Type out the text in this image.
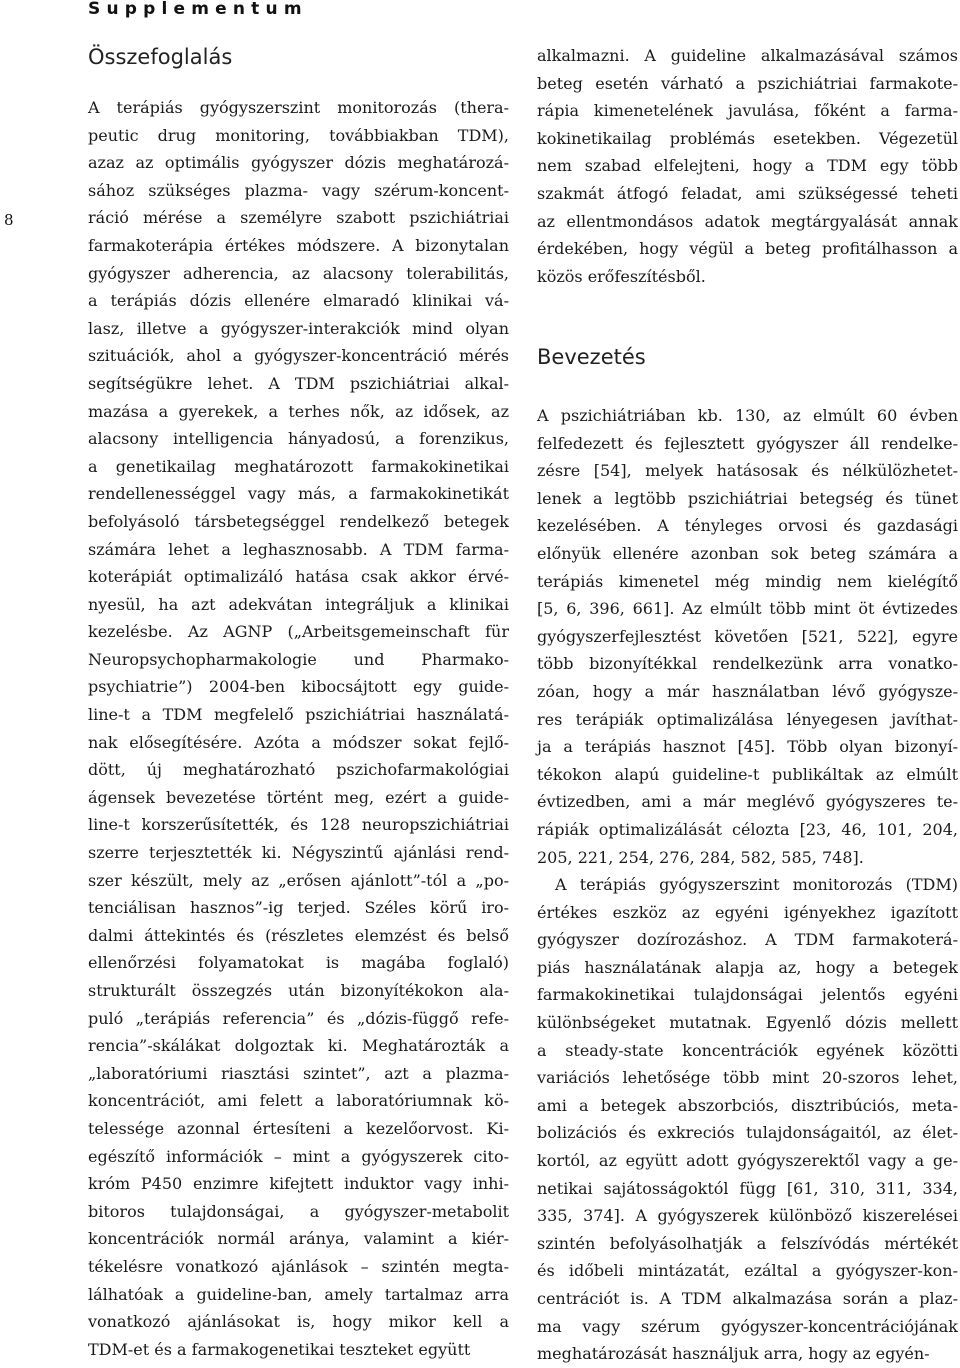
Supplementum
8
Összefoglalás
A terápiás gyógyszerszint monitorozás (thera-
peutic drug monitoring, továbbiakban TDM),
azaz az optimális gyógyszer dózis meghatározá-
sához szükséges plazma- vagy szérum-koncent-
ráció mérése a személyre szabott pszichiátriai
farmakoterápia értékes módszere. A bizonytalan
gyógyszer adherencia, az alacsony tolerabilitás,
a terápiás dózis ellenére elmaradó klinikai vá-
lasz, illetve a gyógyszer-interakciók mind olyan
szituációk, ahol a gyógyszer-koncentráció mérés
segítségükre lehet. A TDM pszichiátriai alkal-
mazása a gyerekek, a terhes nők, az idősek, az
alacsony intelligencia hányadosú, a forenzikus,
a genetikailag meghatározott farmakokinetikai
rendellenességgel vagy más, a farmakokinetikát
befolyásoló társbetegséggel rendelkező betegek
számára lehet a leghasznosabb. A TDM farma-
koterápiát optimalizáló hatása csak akkor érvé-
nyesül, ha azt adekvátan integráljuk a klinikai
kezelésbe. Az AGNP („Arbeitsgemeinschaft für
Neuropsychopharmakologie und Pharmako-
psychiatrie”) 2004-ben kibocsájtott egy guide-
line-t a TDM megfelelő pszichiátriai használatá-
nak elősegítésére. Azóta a módszer sokat fejlő-
dött, új meghatározható pszichofarmakológiai
ágensek bevezetése történt meg, ezért a guide-
line-t korszerűsítették, és 128 neuropszichiátriai
szerre terjesztették ki. Négyszintű ajánlási rend-
szer készült, mely az „erősen ajánlott”-tól a „po-
tenciálisan hasznos”-ig terjed. Széles körű iro-
dalmi áttekintés és (részletes elemzést és belső
ellenőrzési folyamatokat is magába foglaló)
strukturált összegzés után bizonyítékokon ala-
puló „terápiás referencia” és „dózis-függő refe-
rencia”-skálákat dolgoztak ki. Meghatározták a
„laboratóriumi riasztási szintet”, azt a plazma-
koncentrációt, ami felett a laboratóriumnak kö-
telessége azonnal értesíteni a kezelőorvost. Ki-
egészítő információk – mint a gyógyszerek cito-
króm P450 enzimre kifejtett induktor vagy inhi-
bitoros tulajdonságai, a gyógyszer-metabolit
koncentrációk normál aránya, valamint a kiér-
tékelésre vonatkozó ajánlások – szintén megta-
lálhatóak a guideline-ban, amely tartalmaz arra
vonatkozó ajánlásokat is, hogy mikor kell a
TDM-et és a farmakogenetikai teszteket együtt
alkalmazni. A guideline alkalmazásával számos
beteg esetén várható a pszichiátriai farmakote-
rápia kimenetelének javulása, főként a farma-
kokinetikailag problémás esetekben. Végezetül
nem szabad elfelejteni, hogy a TDM egy több
szakmát átfogó feladat, ami szükségessé teheti
az ellentmondásos adatok megtárgyalását annak
érdekében, hogy végül a beteg profitálhasson a
közös erőfeszítésből.
Bevezetés
A pszichiátriában kb. 130, az elmúlt 60 évben
felfedezett és fejlesztett gyógyszer áll rendelke-
zésre [54], melyek hatásosak és nélkülözhetet-
lenek a legtöbb pszichiátriai betegség és tünet
kezelésében. A tényleges orvosi és gazdasági
előnyük ellenére azonban sok beteg számára a
terápiás kimenetel még mindig nem kielégítő
[5, 6, 396, 661]. Az elmúlt több mint öt évtizedes
gyógyszerfejlesztést követően [521, 522], egyre
több bizonyítékkal rendelkezünk arra vonatko-
zóan, hogy a már használatban lévő gyógysze-
res terápiák optimalizálása lényegesen javíthat-
ja a terápiás hasznot [45]. Több olyan bizonyí-
tékokon alapú guideline-t publikáltak az elmúlt
évtizedben, ami a már meglévő gyógyszeres te-
rápiák optimalizálását célozta [23, 46, 101, 204,
205, 221, 254, 276, 284, 582, 585, 748].
A terápiás gyógyszerszint monitorozás (TDM)
értékes eszköz az egyéni igényekhez igazított
gyógyszer dozírozáshoz. A TDM farmakoterá-
piás használatának alapja az, hogy a betegek
farmakokinetikai tulajdonságai jelentős egyéni
különbségeket mutatnak. Egyenlő dózis mellett
a steady-state koncentrációk egyének közötti
variációs lehetősége több mint 20-szoros lehet,
ami a betegek abszorbciós, disztribúciós, meta-
bolizációs és exkreciós tulajdonságaitól, az élet-
kortól, az együtt adott gyógyszerektől vagy a ge-
netikai sajátosságoktól függ [61, 310, 311, 334,
335, 374]. A gyógyszerek különböző kiszerelései
szintén befolyásolhatják a felszívódás mértékét
és időbeli mintázatát, ezáltal a gyógyszer-kon-
centrációt is. A TDM alkalmazása során a plaz-
ma vagy szérum gyógyszer-koncentrációjának
meghatározását használjuk arra, hogy az egyén-
